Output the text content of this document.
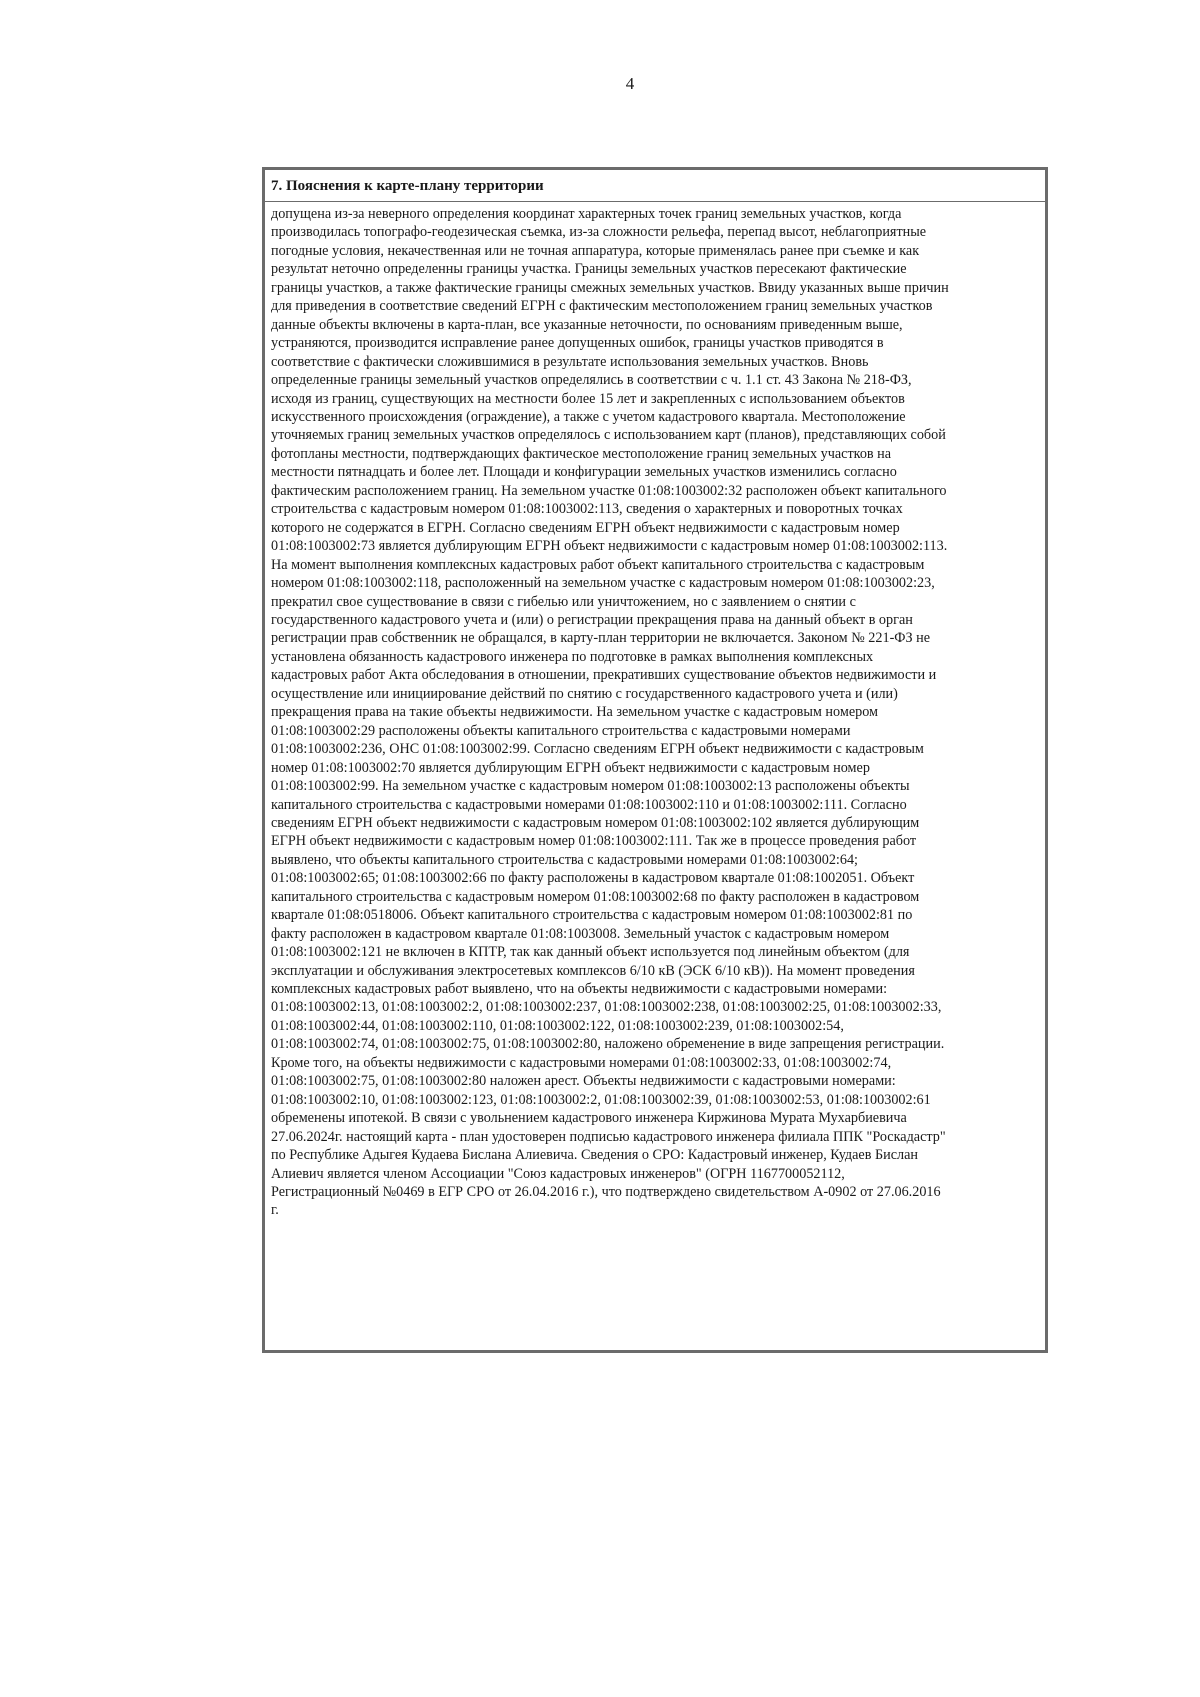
4
7. Пояснения к карте-плану территории
допущена из-за неверного определения координат характерных точек границ земельных участков, когда
производилась топографо-геодезическая съемка, из-за сложности рельефа, перепад высот, неблагоприятные
погодные условия, некачественная или не точная аппаратура, которые применялась ранее при съемке и как
результат неточно определенны границы участка. Границы земельных участков пересекают фактические
границы участков, а также фактические границы смежных земельных участков. Ввиду указанных выше причин
для приведения в соответствие сведений ЕГРН с фактическим местоположением границ земельных участков
данные объекты включены в карта-план, все указанные неточности, по основаниям приведенным выше,
устраняются, производится исправление ранее допущенных ошибок, границы участков приводятся в
соответствие с фактически сложившимися в результате использования земельных участков. Вновь
определенные границы земельный участков определялись в соответствии с ч. 1.1 ст. 43 Закона № 218-ФЗ,
исходя из границ, существующих на местности более 15 лет и закрепленных с использованием объектов
искусственного происхождения (ограждение), а также с учетом кадастрового квартала. Местоположение
уточняемых границ земельных участков определялось с использованием карт (планов), представляющих собой
фотопланы местности, подтверждающих фактическое местоположение границ земельных участков на
местности пятнадцать и более лет. Площади и конфигурации земельных участков изменились согласно
фактическим расположением границ. На земельном участке 01:08:1003002:32 расположен объект капитального
строительства с кадастровым номером 01:08:1003002:113, сведения о характерных и поворотных точках
которого не содержатся в ЕГРН. Согласно сведениям ЕГРН объект недвижимости с кадастровым номер
01:08:1003002:73 является дублирующим ЕГРН объект недвижимости с кадастровым номер 01:08:1003002:113.
На момент выполнения комплексных кадастровых работ объект капитального строительства с кадастровым
номером 01:08:1003002:118, расположенный на земельном участке с кадастровым номером 01:08:1003002:23,
прекратил свое существование в связи с гибелью или уничтожением, но с заявлением о снятии с
государственного кадастрового учета и (или) о регистрации прекращения права на данный объект в орган
регистрации прав собственник не обращался, в карту-план территории не включается. Законом № 221-ФЗ не
установлена обязанность кадастрового инженера по подготовке в рамках выполнения комплексных
кадастровых работ Акта обследования в отношении, прекративших существование объектов недвижимости и
осуществление или инициирование действий по снятию с государственного кадастрового учета и (или)
прекращения права на такие объекты недвижимости. На земельном участке с кадастровым номером
01:08:1003002:29 расположены объекты капитального строительства с кадастровыми номерами
01:08:1003002:236, ОНС 01:08:1003002:99. Согласно сведениям ЕГРН объект недвижимости с кадастровым
номер 01:08:1003002:70 является дублирующим ЕГРН объект недвижимости с кадастровым номер
01:08:1003002:99. На земельном участке с кадастровым номером 01:08:1003002:13 расположены объекты
капитального строительства с кадастровыми номерами 01:08:1003002:110 и 01:08:1003002:111. Согласно
сведениям ЕГРН объект недвижимости с кадастровым номером 01:08:1003002:102 является дублирующим
ЕГРН объект недвижимости с кадастровым номер 01:08:1003002:111. Так же в процессе проведения работ
выявлено, что объекты капитального строительства с кадастровыми номерами 01:08:1003002:64;
01:08:1003002:65; 01:08:1003002:66 по факту расположены в кадастровом квартале 01:08:1002051. Объект
капитального строительства с кадастровым номером 01:08:1003002:68 по факту расположен в кадастровом
квартале 01:08:0518006. Объект капитального строительства с кадастровым номером 01:08:1003002:81 по
факту расположен в кадастровом квартале 01:08:1003008. Земельный участок с кадастровым номером
01:08:1003002:121 не включен в КПТР, так как данный объект используется под линейным объектом (для
эксплуатации и обслуживания электросетевых комплексов 6/10 кВ (ЭСК 6/10 кВ)). На момент проведения
комплексных кадастровых работ выявлено, что на объекты недвижимости с кадастровыми номерами:
01:08:1003002:13, 01:08:1003002:2, 01:08:1003002:237, 01:08:1003002:238, 01:08:1003002:25, 01:08:1003002:33,
01:08:1003002:44, 01:08:1003002:110, 01:08:1003002:122, 01:08:1003002:239, 01:08:1003002:54,
01:08:1003002:74, 01:08:1003002:75, 01:08:1003002:80, наложено обременение в виде запрещения регистрации.
Кроме того, на объекты недвижимости с кадастровыми номерами 01:08:1003002:33, 01:08:1003002:74,
01:08:1003002:75, 01:08:1003002:80 наложен арест. Объекты недвижимости с кадастровыми номерами:
01:08:1003002:10, 01:08:1003002:123, 01:08:1003002:2, 01:08:1003002:39, 01:08:1003002:53, 01:08:1003002:61
обременены ипотекой. В связи с увольнением кадастрового инженера Киржинова Мурата Мухарбиевича
27.06.2024г. настоящий карта - план удостоверен подписью кадастрового инженера филиала ППК "Роскадастр"
по Республике Адыгея Кудаева Бислана Алиевича. Сведения о СРО: Кадастровый инженер, Кудаев Бислан
Алиевич является членом Ассоциации "Союз кадастровых инженеров" (ОГРН 1167700052112,
Регистрационный №0469 в ЕГР СРО от 26.04.2016 г.), что подтверждено свидетельством А-0902 от 27.06.2016
г.
